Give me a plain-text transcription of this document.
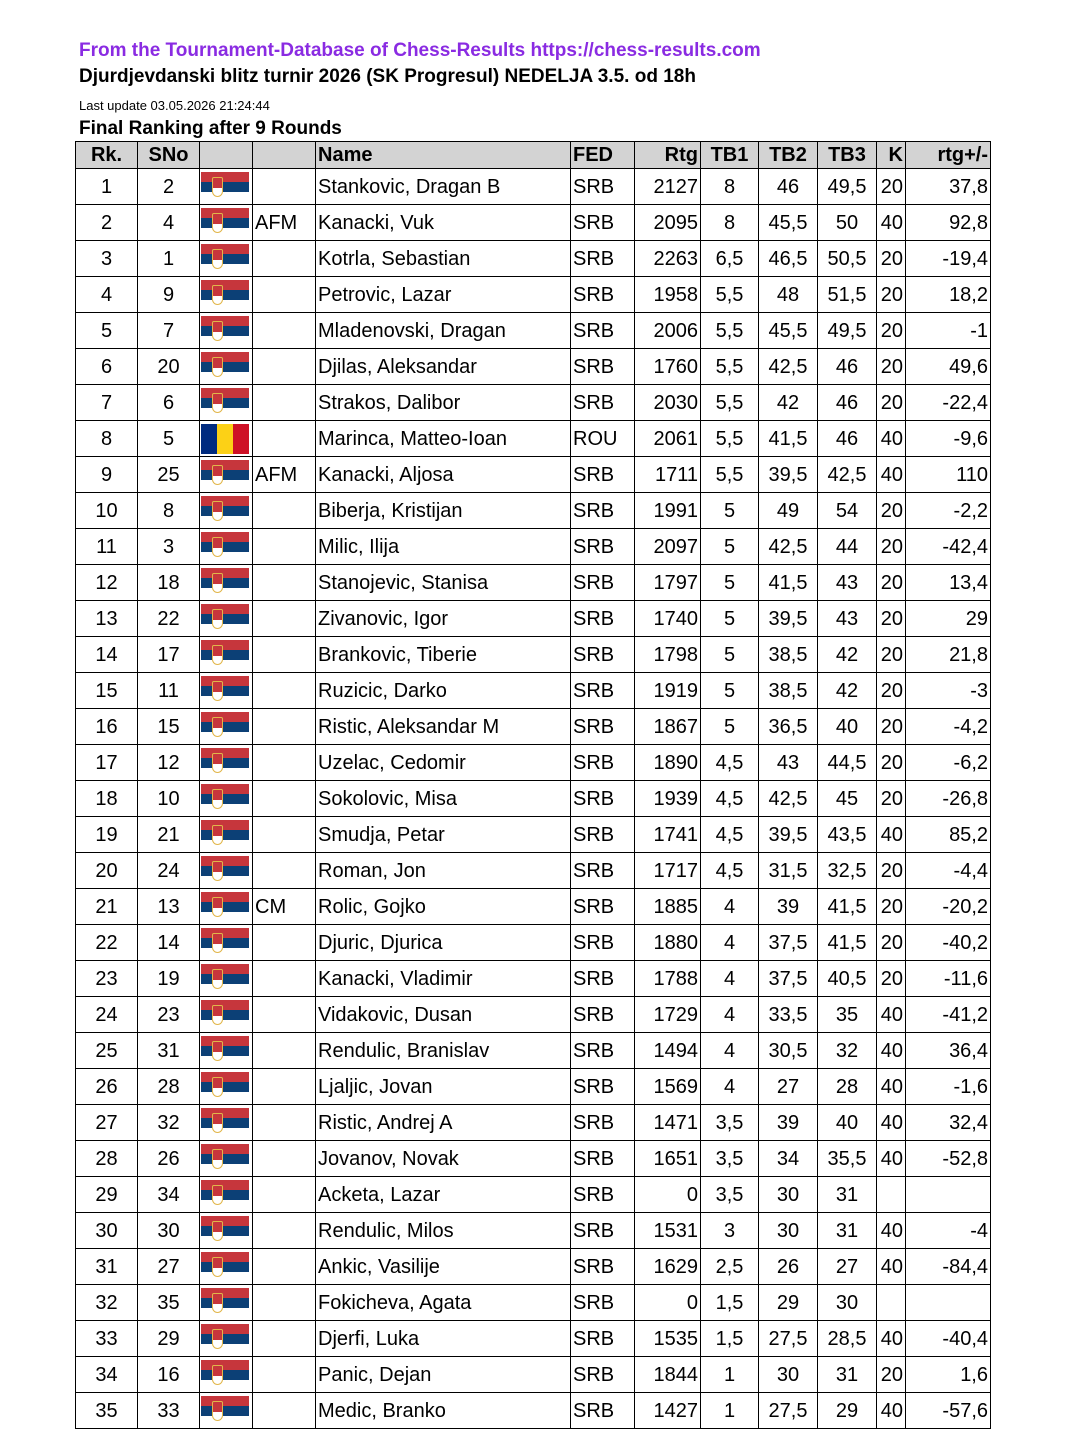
From the Tournament-Database of Chess-Results https://chess-results.com
Djurdjevdanski blitz turnir 2026 (SK Progresul) NEDELJA 3.5. od 18h
Last update 03.05.2026 21:24:44
Final Ranking after 9 Rounds
Rk.	SNo			Name	FED	Rtg	TB1	TB2	TB3	K	rtg+/-
1	2			Stankovic, Dragan B	SRB	2127	8	46	49,5	20	37,8
2	4		AFM	Kanacki, Vuk	SRB	2095	8	45,5	50	40	92,8
3	1			Kotrla, Sebastian	SRB	2263	6,5	46,5	50,5	20	-19,4
4	9			Petrovic, Lazar	SRB	1958	5,5	48	51,5	20	18,2
5	7			Mladenovski, Dragan	SRB	2006	5,5	45,5	49,5	20	-1
6	20			Djilas, Aleksandar	SRB	1760	5,5	42,5	46	20	49,6
7	6			Strakos, Dalibor	SRB	2030	5,5	42	46	20	-22,4
8	5			Marinca, Matteo-Ioan	ROU	2061	5,5	41,5	46	40	-9,6
9	25		AFM	Kanacki, Aljosa	SRB	1711	5,5	39,5	42,5	40	110
10	8			Biberja, Kristijan	SRB	1991	5	49	54	20	-2,2
11	3			Milic, Ilija	SRB	2097	5	42,5	44	20	-42,4
12	18			Stanojevic, Stanisa	SRB	1797	5	41,5	43	20	13,4
13	22			Zivanovic, Igor	SRB	1740	5	39,5	43	20	29
14	17			Brankovic, Tiberie	SRB	1798	5	38,5	42	20	21,8
15	11			Ruzicic, Darko	SRB	1919	5	38,5	42	20	-3
16	15			Ristic, Aleksandar M	SRB	1867	5	36,5	40	20	-4,2
17	12			Uzelac, Cedomir	SRB	1890	4,5	43	44,5	20	-6,2
18	10			Sokolovic, Misa	SRB	1939	4,5	42,5	45	20	-26,8
19	21			Smudja, Petar	SRB	1741	4,5	39,5	43,5	40	85,2
20	24			Roman, Jon	SRB	1717	4,5	31,5	32,5	20	-4,4
21	13		CM	Rolic, Gojko	SRB	1885	4	39	41,5	20	-20,2
22	14			Djuric, Djurica	SRB	1880	4	37,5	41,5	20	-40,2
23	19			Kanacki, Vladimir	SRB	1788	4	37,5	40,5	20	-11,6
24	23			Vidakovic, Dusan	SRB	1729	4	33,5	35	40	-41,2
25	31			Rendulic, Branislav	SRB	1494	4	30,5	32	40	36,4
26	28			Ljaljic, Jovan	SRB	1569	4	27	28	40	-1,6
27	32			Ristic, Andrej A	SRB	1471	3,5	39	40	40	32,4
28	26			Jovanov, Novak	SRB	1651	3,5	34	35,5	40	-52,8
29	34			Acketa, Lazar	SRB	0	3,5	30	31		
30	30			Rendulic, Milos	SRB	1531	3	30	31	40	-4
31	27			Ankic, Vasilije	SRB	1629	2,5	26	27	40	-84,4
32	35			Fokicheva, Agata	SRB	0	1,5	29	30		
33	29			Djerfi, Luka	SRB	1535	1,5	27,5	28,5	40	-40,4
34	16			Panic, Dejan	SRB	1844	1	30	31	20	1,6
35	33			Medic, Branko	SRB	1427	1	27,5	29	40	-57,6
